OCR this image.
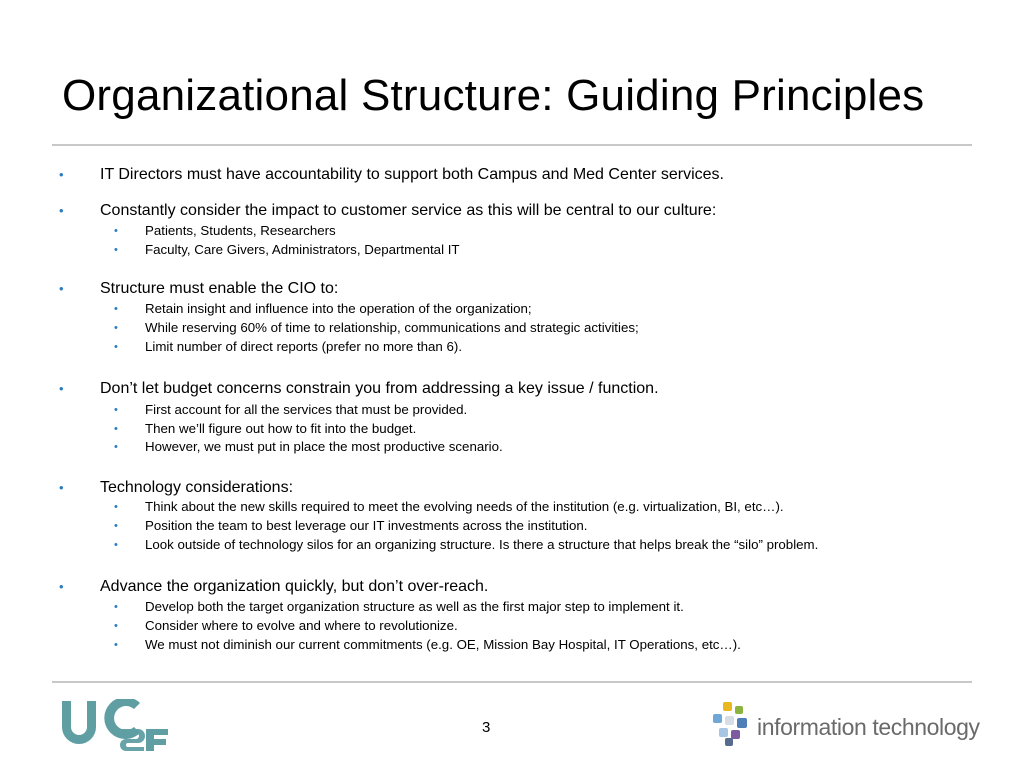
Organizational Structure: Guiding Principles
• IT Directors must have accountability to support both Campus and Med Center services.
• Constantly consider the impact to customer service as this will be central to our culture:
• Patients, Students, Researchers
• Faculty, Care Givers, Administrators, Departmental IT
• Structure must enable the CIO to:
• Retain insight and influence into the operation of the organization;
• While reserving 60% of time to relationship, communications and strategic activities;
• Limit number of direct reports (prefer no more than 6).
• Don’t let budget concerns constrain you from addressing a key issue / function.
• First account for all the services that must be provided.
• Then we’ll figure out how to fit into the budget.
• However, we must put in place the most productive scenario.
• Technology considerations:
• Think about the new skills required to meet the evolving needs of the institution (e.g. virtualization, BI, etc…).
• Position the team to best leverage our IT investments across the institution.
• Look outside of technology silos for an organizing structure. Is there a structure that helps break the “silo” problem.
• Advance the organization quickly, but don’t over-reach.
• Develop both the target organization structure as well as the first major step to implement it.
• Consider where to evolve and where to revolutionize.
• We must not diminish our current commitments (e.g. OE, Mission Bay Hospital, IT Operations, etc…).
3	information technology
